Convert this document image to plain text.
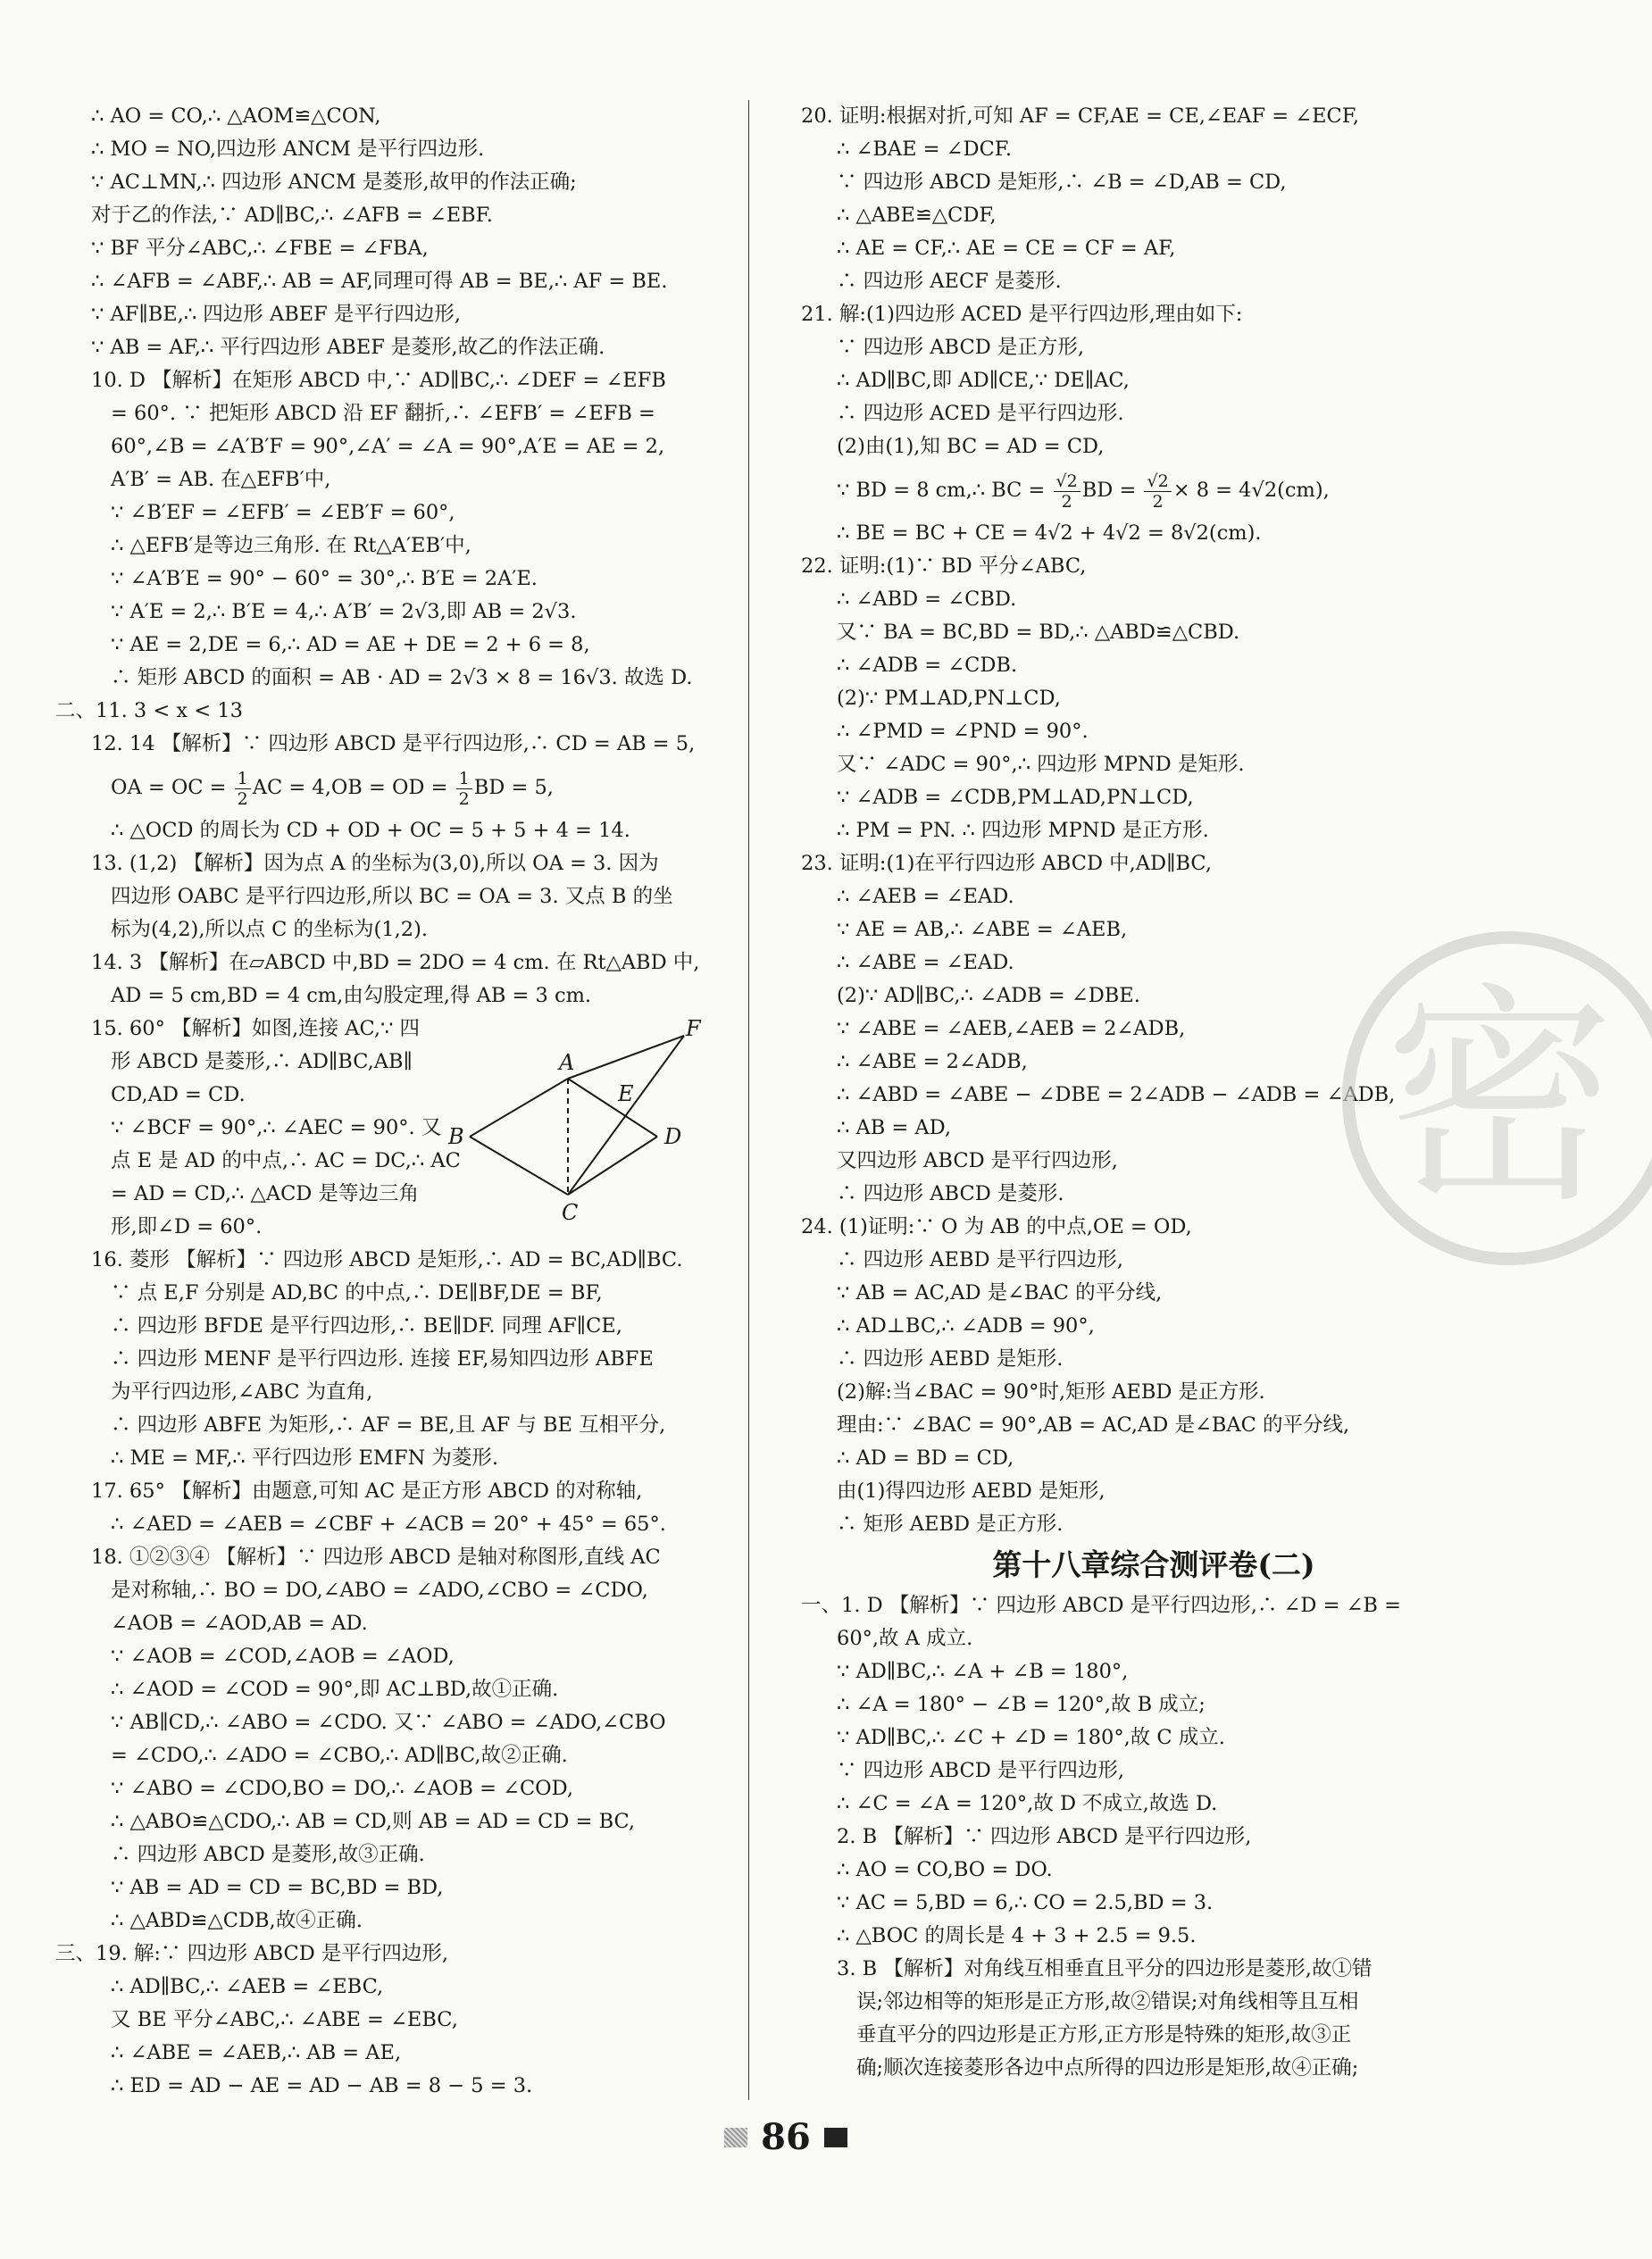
∴ AO = CO,∴ △AOM≌△CON,
∴ MO = NO,四边形 ANCM 是平行四边形.
∵ AC⊥MN,∴ 四边形 ANCM 是菱形,故甲的作法正确;
对于乙的作法,∵ AD∥BC,∴ ∠AFB = ∠EBF.
∵ BF 平分∠ABC,∴ ∠FBE = ∠FBA,
∴ ∠AFB = ∠ABF,∴ AB = AF,同理可得 AB = BE,∴ AF = BE.
∵ AF∥BE,∴ 四边形 ABEF 是平行四边形,
∵ AB = AF,∴ 平行四边形 ABEF 是菱形,故乙的作法正确.
10. D 【解析】在矩形 ABCD 中,∵ AD∥BC,∴ ∠DEF = ∠EFB
= 60°. ∵ 把矩形 ABCD 沿 EF 翻折,∴ ∠EFB′ = ∠EFB =
60°,∠B = ∠A′B′F = 90°,∠A′ = ∠A = 90°,A′E = AE = 2,
A′B′ = AB. 在△EFB′中,
∵ ∠B′EF = ∠EFB′ = ∠EB′F = 60°,
∴ △EFB′是等边三角形. 在 Rt△A′EB′中,
∵ ∠A′B′E = 90° − 60° = 30°,∴ B′E = 2A′E.
∵ A′E = 2,∴ B′E = 4,∴ A′B′ = 2√3,即 AB = 2√3.
∵ AE = 2,DE = 6,∴ AD = AE + DE = 2 + 6 = 8,
∴ 矩形 ABCD 的面积 = AB · AD = 2√3 × 8 = 16√3. 故选 D.
二、11. 3 < x < 13
12. 14 【解析】∵ 四边形 ABCD 是平行四边形,∴ CD = AB = 5,
OA = OC = $\frac{1}{2}$ AC = 4,OB = OD = $\frac{1}{2}$ BD = 5,
∴ △OCD 的周长为 CD + OD + OC = 5 + 5 + 4 = 14.
13. (1,2) 【解析】因为点 A 的坐标为(3,0),所以 OA = 3. 因为
四边形 OABC 是平行四边形,所以 BC = OA = 3. 又点 B 的坐
标为(4,2),所以点 C 的坐标为(1,2).
14. 3 【解析】在▱ABCD 中,BD = 2DO = 4 cm. 在 Rt△ABD 中,
AD = 5 cm,BD = 4 cm,由勾股定理,得 AB = 3 cm.
15. 60° 【解析】如图,连接 AC,∵ 四
形 ABCD 是菱形,∴ AD∥BC,AB∥
CD,AD = CD.
∵ ∠BCF = 90°,∴ ∠AEC = 90°. 又
点 E 是 AD 的中点,∴ AC = DC,∴ AC
= AD = CD,∴ △ACD 是等边三角
形,即∠D = 60°.
16. 菱形 【解析】∵ 四边形 ABCD 是矩形,∴ AD = BC,AD∥BC.
∵ 点 E,F 分别是 AD,BC 的中点,∴ DE∥BF,DE = BF,
∴ 四边形 BFDE 是平行四边形,∴ BE∥DF. 同理 AF∥CE,
∴ 四边形 MENF 是平行四边形. 连接 EF,易知四边形 ABFE
为平行四边形,∠ABC 为直角,
∴ 四边形 ABFE 为矩形,∴ AF = BE,且 AF 与 BE 互相平分,
∴ ME = MF,∴ 平行四边形 EMFN 为菱形.
17. 65° 【解析】由题意,可知 AC 是正方形 ABCD 的对称轴,
∴ ∠AED = ∠AEB = ∠CBF + ∠ACB = 20° + 45° = 65°.
18. ①②③④ 【解析】∵ 四边形 ABCD 是轴对称图形,直线 AC
是对称轴,∴ BO = DO,∠ABO = ∠ADO,∠CBO = ∠CDO,
∠AOB = ∠AOD,AB = AD.
∵ ∠AOB = ∠COD,∠AOB = ∠AOD,
∴ ∠AOD = ∠COD = 90°,即 AC⊥BD,故①正确.
∵ AB∥CD,∴ ∠ABO = ∠CDO. 又∵ ∠ABO = ∠ADO,∠CBO
= ∠CDO,∴ ∠ADO = ∠CBO,∴ AD∥BC,故②正确.
∵ ∠ABO = ∠CDO,BO = DO,∴ ∠AOB = ∠COD,
∴ △ABO≌△CDO,∴ AB = CD,则 AB = AD = CD = BC,
∴ 四边形 ABCD 是菱形,故③正确.
∵ AB = AD = CD = BC,BD = BD,
∴ △ABD≌△CDB,故④正确.
三、19. 解:∵ 四边形 ABCD 是平行四边形,
∴ AD∥BC,∴ ∠AEB = ∠EBC,
又 BE 平分∠ABC,∴ ∠ABE = ∠EBC,
∴ ∠ABE = ∠AEB,∴ AB = AE,
∴ ED = AD − AE = AD − AB = 8 − 5 = 3.
20. 证明:根据对折,可知 AF = CF,AE = CE,∠EAF = ∠ECF,
∴ ∠BAE = ∠DCF.
∵ 四边形 ABCD 是矩形,∴ ∠B = ∠D,AB = CD,
∴ △ABE≌△CDF,
∴ AE = CF,∴ AE = CE = CF = AF,
∴ 四边形 AECF 是菱形.
21. 解:(1)四边形 ACED 是平行四边形,理由如下:
∵ 四边形 ABCD 是正方形,
∴ AD∥BC,即 AD∥CE,∵ DE∥AC,
∴ 四边形 ACED 是平行四边形.
(2)由(1),知 BC = AD = CD,
∵ BD = 8 cm,∴ BC = $\frac{√2}{2}$ BD = $\frac{√2}{2} \times 8 = 4√2(cm)$,
∴ BE = BC + CE = 4√2 + 4√2 = 8√2(cm).
22. 证明:(1)∵ BD 平分∠ABC,
∴ ∠ABD = ∠CBD.
又∵ BA = BC,BD = BD,∴ △ABD≌△CBD.
∴ ∠ADB = ∠CDB.
(2)∵ PM⊥AD,PN⊥CD,
∴ ∠PMD = ∠PND = 90°.
又∵ ∠ADC = 90°,∴ 四边形 MPND 是矩形.
∵ ∠ADB = ∠CDB,PM⊥AD,PN⊥CD,
∴ PM = PN. ∴ 四边形 MPND 是正方形.
23. 证明:(1)在平行四边形 ABCD 中,AD∥BC,
∴ ∠AEB = ∠EAD.
∵ AE = AB,∴ ∠ABE = ∠AEB,
∴ ∠ABE = ∠EAD.
(2)∵ AD∥BC,∴ ∠ADB = ∠DBE.
∵ ∠ABE = ∠AEB,∠AEB = 2∠ADB,
∴ ∠ABE = 2∠ADB,
∴ ∠ABD = ∠ABE − ∠DBE = 2∠ADB − ∠ADB = ∠ADB,
∴ AB = AD,
又四边形 ABCD 是平行四边形,
∴ 四边形 ABCD 是菱形.
24. (1)证明:∵ O 为 AB 的中点,OE = OD,
∴ 四边形 AEBD 是平行四边形,
∵ AB = AC,AD 是∠BAC 的平分线,
∴ AD⊥BC,∴ ∠ADB = 90°,
∴ 四边形 AEBD 是矩形.
(2)解:当∠BAC = 90°时,矩形 AEBD 是正方形.
理由:∵ ∠BAC = 90°,AB = AC,AD 是∠BAC 的平分线,
∴ AD = BD = CD,
由(1)得四边形 AEBD 是矩形,
∴ 矩形 AEBD 是正方形.
第十八章综合测评卷(二)
一、1. D 【解析】∵ 四边形 ABCD 是平行四边形,∴ ∠D = ∠B =
60°,故 A 成立.
∵ AD∥BC,∴ ∠A + ∠B = 180°,
∴ ∠A = 180° − ∠B = 120°,故 B 成立;
∵ AD∥BC,∴ ∠C + ∠D = 180°,故 C 成立.
∵ 四边形 ABCD 是平行四边形,
∴ ∠C = ∠A = 120°,故 D 不成立,故选 D.
2. B 【解析】∵ 四边形 ABCD 是平行四边形,
∴ AO = CO,BO = DO.
∵ AC = 5,BD = 6,∴ CO = 2.5,BD = 3.
∴ △BOC 的周长是 4 + 3 + 2.5 = 9.5.
3. B 【解析】对角线互相垂直且平分的四边形是菱形,故①错
误;邻边相等的矩形是正方形,故②错误;对角线相等且互相
垂直平分的四边形是正方形,正方形是特殊的矩形,故③正
确;顺次连接菱形各边中点所得的四边形是矩形,故④正确;
A
B
C
D
E
F	密
86
